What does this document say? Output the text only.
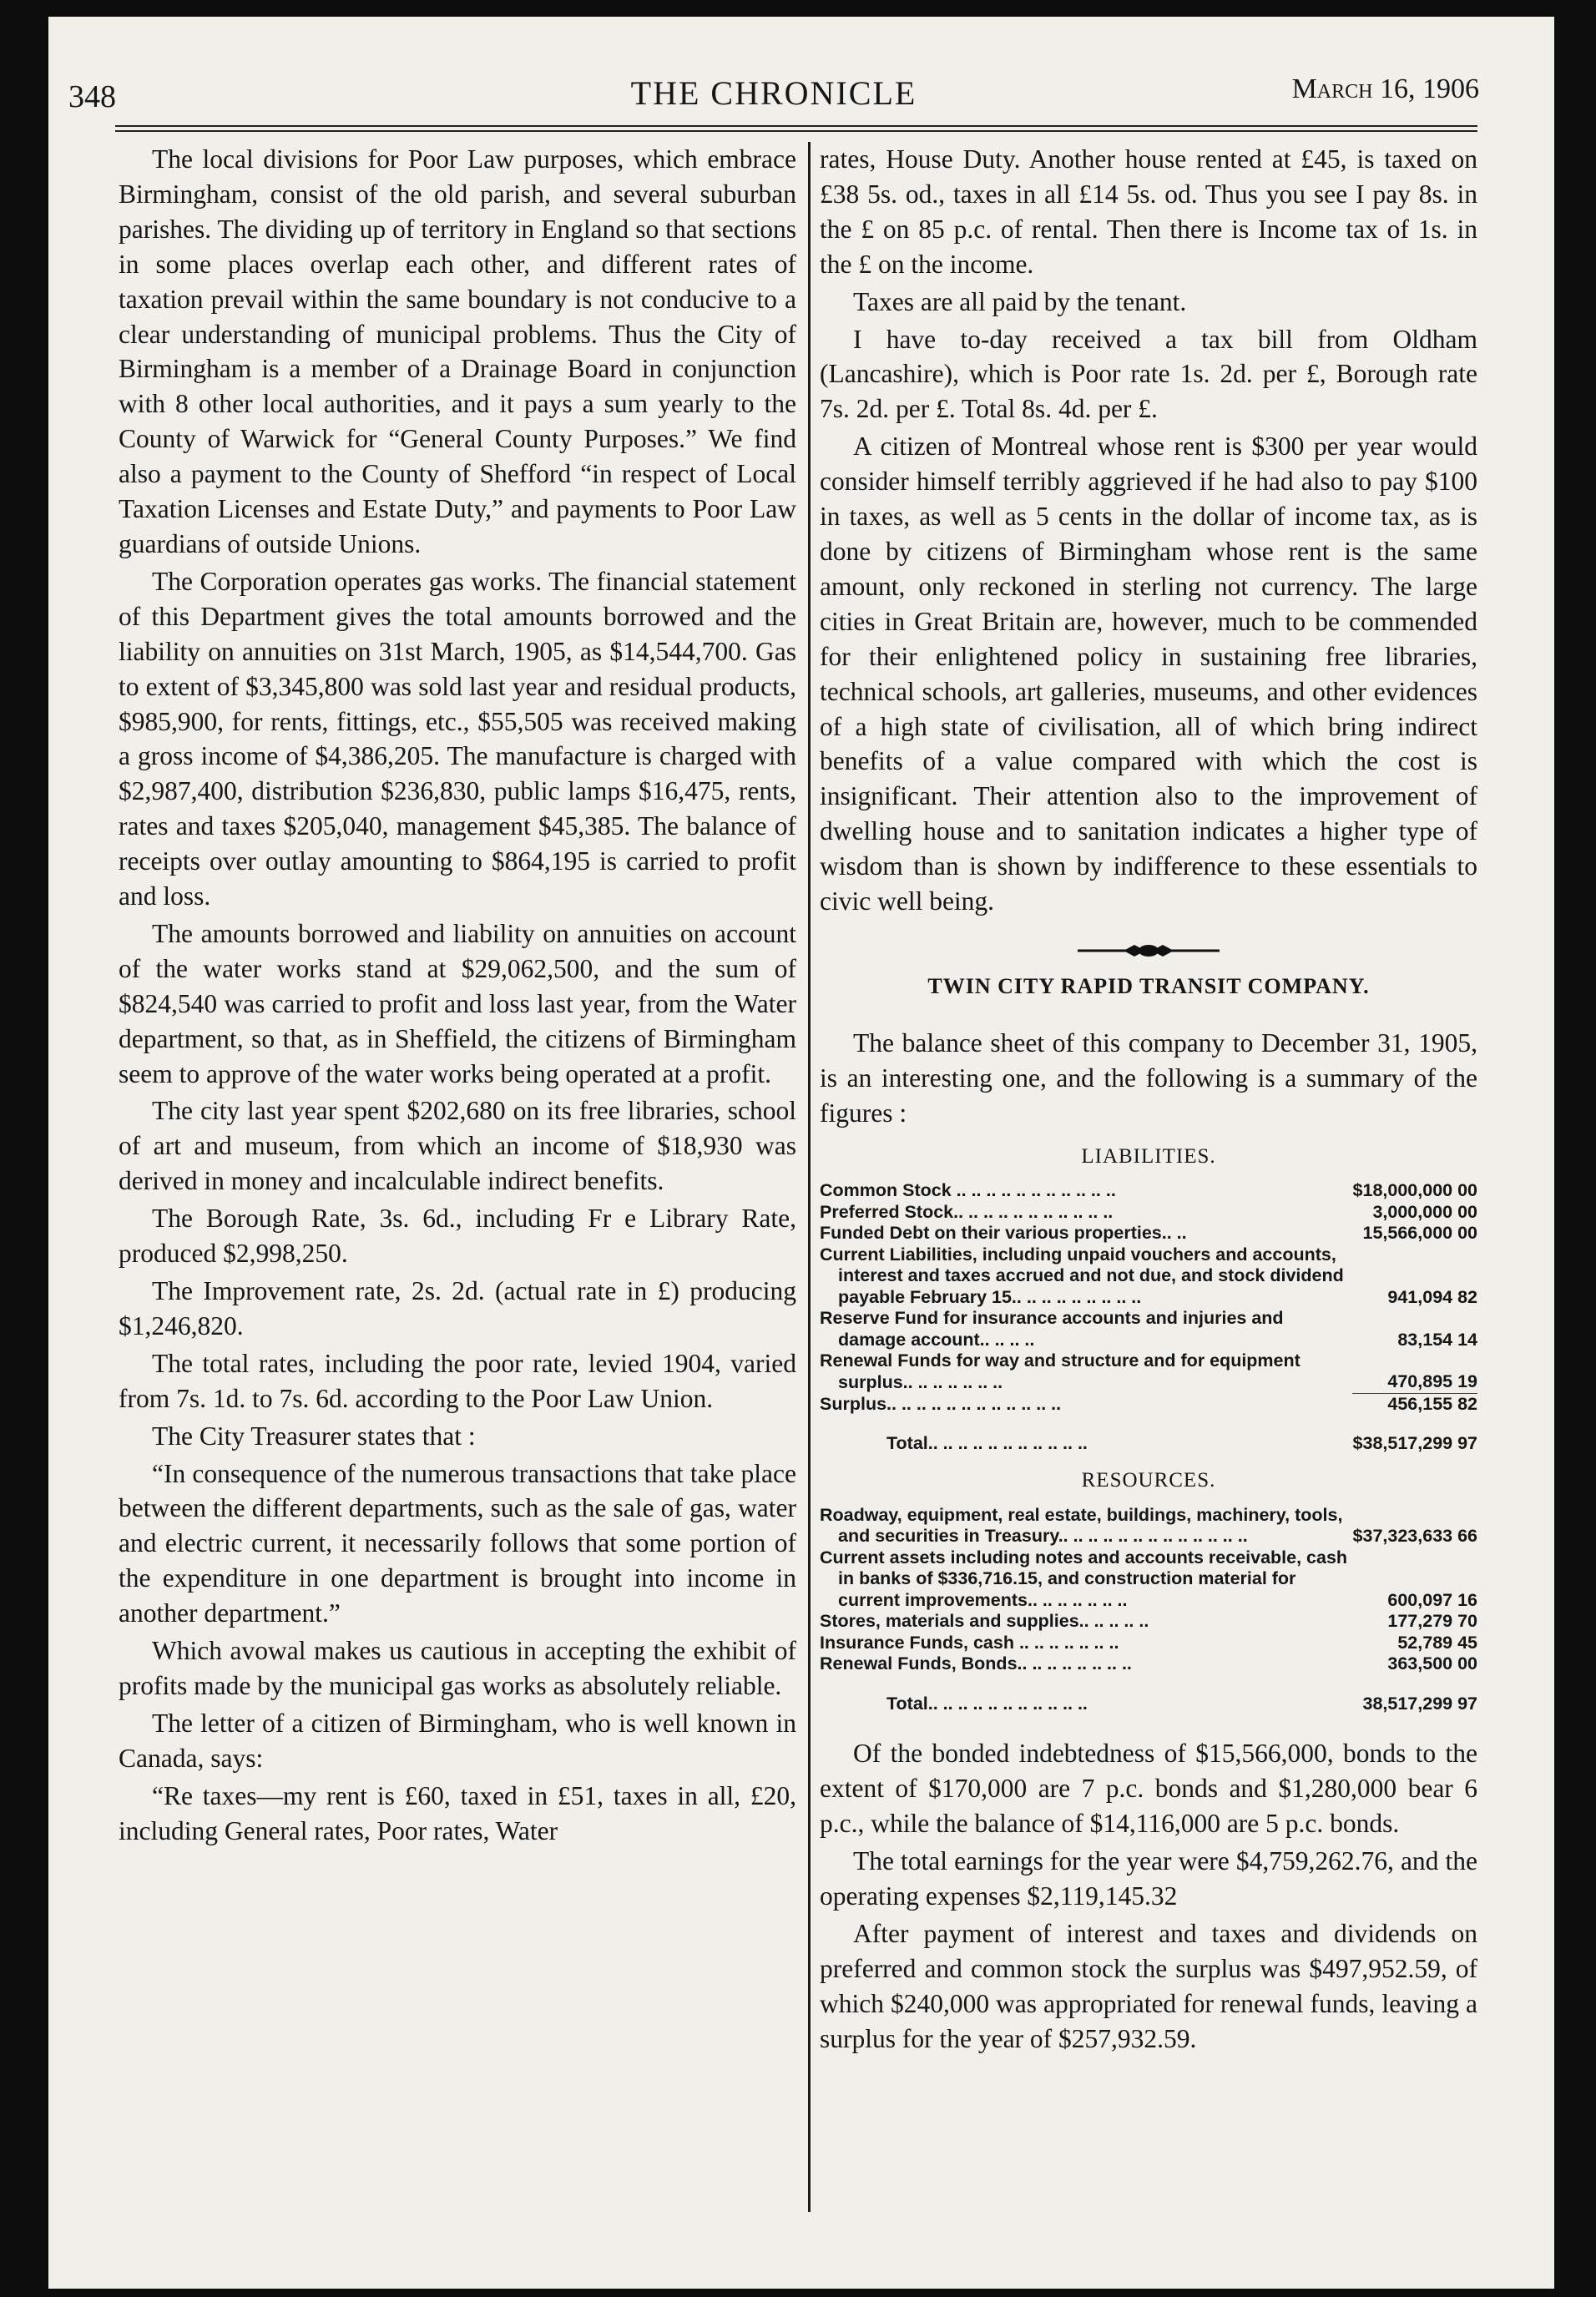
348	THE CHRONICLE	March 16, 1906

The local divisions for Poor Law purposes, which embrace Birmingham, consist of the old parish, and several suburban parishes. The dividing up of territory in England so that sections in some places overlap each other, and different rates of taxation prevail within the same boundary is not conducive to a clear understanding of municipal problems. Thus the City of Birmingham is a member of a Drainage Board in conjunction with 8 other local authorities, and it pays a sum yearly to the County of Warwick for “General County Purposes.” We find also a payment to the County of Shefford “in respect of Local Taxation Licenses and Estate Duty,” and payments to Poor Law guardians of outside Unions.

The Corporation operates gas works. The financial statement of this Department gives the total amounts borrowed and the liability on annuities on 31st March, 1905, as $14,544,700. Gas to extent of $3,345,800 was sold last year and residual products, $985,900, for rents, fittings, etc., $55,505 was received making a gross income of $4,386,205. The manufacture is charged with $2,987,400, distribution $236,830, public lamps $16,475, rents, rates and taxes $205,040, management $45,385. The balance of receipts over outlay amounting to $864,195 is carried to profit and loss.

The amounts borrowed and liability on annuities on account of the water works stand at $29,062,500, and the sum of $824,540 was carried to profit and loss last year, from the Water department, so that, as in Sheffield, the citizens of Birmingham seem to approve of the water works being operated at a profit.

The city last year spent $202,680 on its free libraries, school of art and museum, from which an income of $18,930 was derived in money and incalculable indirect benefits.

The Borough Rate, 3s. 6d., including Fr e Library Rate, produced $2,998,250.

The Improvement rate, 2s. 2d. (actual rate in £) producing $1,246,820.

The total rates, including the poor rate, levied 1904, varied from 7s. 1d. to 7s. 6d. according to the Poor Law Union.

The City Treasurer states that :

“In consequence of the numerous transactions that take place between the different departments, such as the sale of gas, water and electric current, it necessarily follows that some portion of the expenditure in one department is brought into income in another department.”

Which avowal makes us cautious in accepting the exhibit of profits made by the municipal gas works as absolutely reliable.

The letter of a citizen of Birmingham, who is well known in Canada, says:

“Re taxes—my rent is £60, taxed in £51, taxes in all, £20, including General rates, Poor rates, Water

rates, House Duty. Another house rented at £45, is taxed on £38 5s. od., taxes in all £14 5s. od. Thus you see I pay 8s. in the £ on 85 p.c. of rental. Then there is Income tax of 1s. in the £ on the income.

Taxes are all paid by the tenant.

I have to-day received a tax bill from Oldham (Lancashire), which is Poor rate 1s. 2d. per £, Borough rate 7s. 2d. per £. Total 8s. 4d. per £.

A citizen of Montreal whose rent is $300 per year would consider himself terribly aggrieved if he had also to pay $100 in taxes, as well as 5 cents in the dollar of income tax, as is done by citizens of Birmingham whose rent is the same amount, only reckoned in sterling not currency. The large cities in Great Britain are, however, much to be commended for their enlightened policy in sustaining free libraries, technical schools, art galleries, museums, and other evidences of a high state of civilisation, all of which bring indirect benefits of a value compared with which the cost is insignificant. Their attention also to the improvement of dwelling house and to sanitation indicates a higher type of wisdom than is shown by indifference to these essentials to civic well being.

TWIN CITY RAPID TRANSIT COMPANY.

The balance sheet of this company to December 31, 1905, is an interesting one, and the following is a summary of the figures :

LIABILITIES.
Common Stock .. .. .. .. .. .. .. .. .. .. ..	$18,000,000 00
Preferred Stock.. .. .. .. .. .. .. .. .. .. ..	3,000,000 00
Funded Debt on their various properties.. ..	15,566,000 00
Current Liabilities, including unpaid vouchers and accounts, interest and taxes accrued and not due, and stock dividend payable February 15.. .. .. .. .. .. .. .. ..	941,094 82
Reserve Fund for insurance accounts and injuries and damage account.. .. .. ..	83,154 14
Renewal Funds for way and structure and for equipment surplus.. .. .. .. .. .. ..	470,895 19
Surplus.. .. .. .. .. .. .. .. .. .. .. ..	456,155 82
Total.. .. .. .. .. .. .. .. .. .. ..	$38,517,299 97
RESOURCES.
Roadway, equipment, real estate, buildings, machinery, tools, and securities in Treasury.. .. .. .. .. .. .. .. .. .. .. .. ..	$37,323,633 66
Current assets including notes and accounts receivable, cash in banks of $336,716.15, and construction material for current improvements.. .. .. .. .. .. ..	600,097 16
Stores, materials and supplies.. .. .. .. ..	177,279 70
Insurance Funds, cash .. .. .. .. .. .. ..	52,789 45
Renewal Funds, Bonds.. .. .. .. .. .. .. ..	363,500 00
Total.. .. .. .. .. .. .. .. .. .. ..	38,517,299 97

Of the bonded indebtedness of $15,566,000, bonds to the extent of $170,000 are 7 p.c. bonds and $1,280,000 bear 6 p.c., while the balance of $14,116,000 are 5 p.c. bonds.

The total earnings for the year were $4,759,262.76, and the operating expenses $2,119,145.32

After payment of interest and taxes and dividends on preferred and common stock the surplus was $497,952.59, of which $240,000 was appropriated for renewal funds, leaving a surplus for the year of $257,932.59.
